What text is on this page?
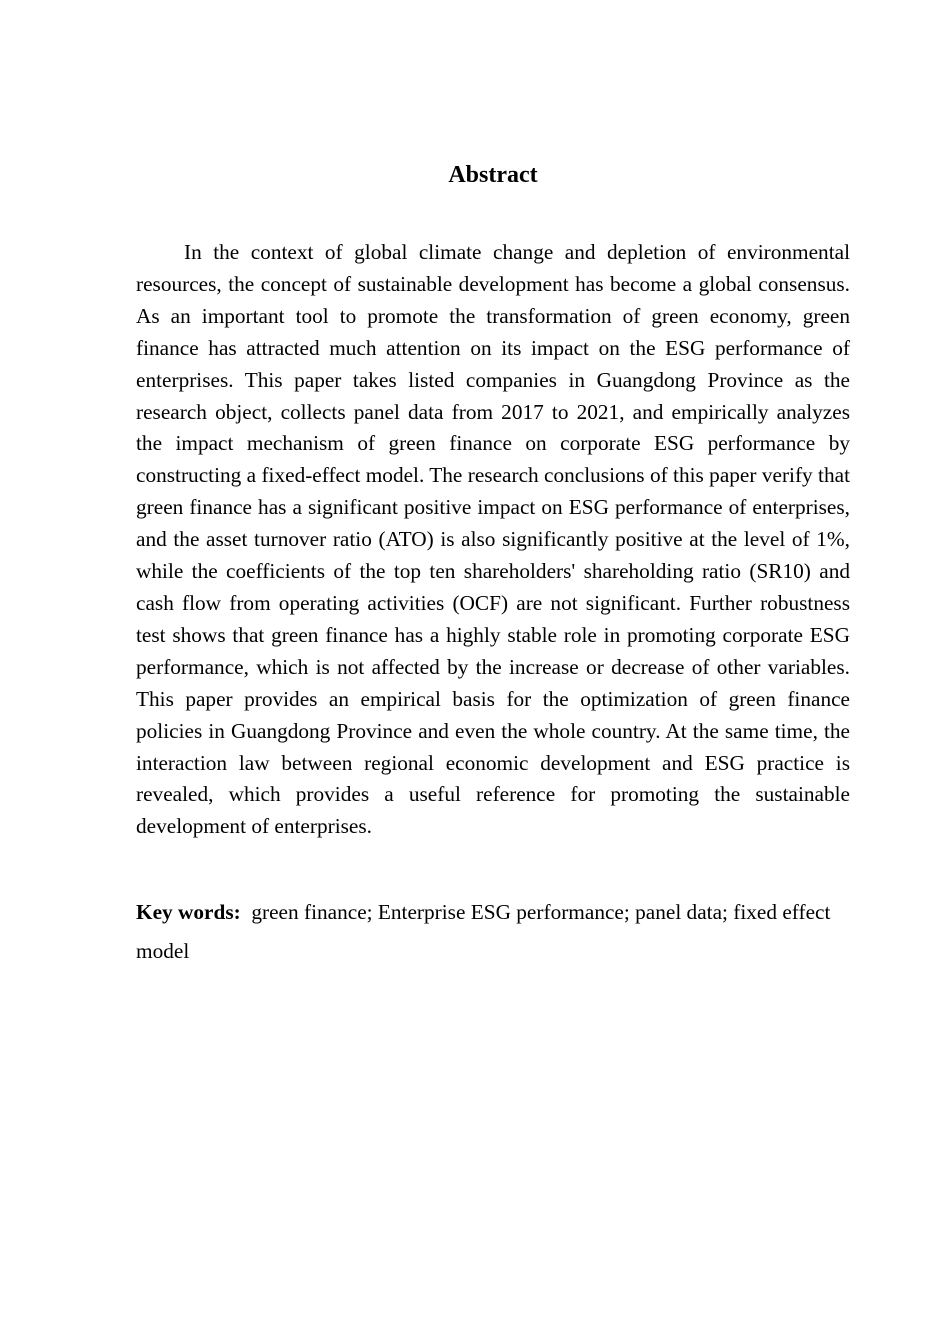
Abstract

In the context of global climate change and depletion of environmental resources, the concept of sustainable development has become a global consensus. As an important tool to promote the transformation of green economy, green finance has attracted much attention on its impact on the ESG performance of enterprises. This paper takes listed companies in Guangdong Province as the research object, collects panel data from 2017 to 2021, and empirically analyzes the impact mechanism of green finance on corporate ESG performance by constructing a fixed-effect model. The research conclusions of this paper verify that green finance has a significant positive impact on ESG performance of enterprises, and the asset turnover ratio (ATO) is also significantly positive at the level of 1%, while the coefficients of the top ten shareholders' shareholding ratio (SR10) and cash flow from operating activities (OCF) are not significant. Further robustness test shows that green finance has a highly stable role in promoting corporate ESG performance, which is not affected by the increase or decrease of other variables. This paper provides an empirical basis for the optimization of green finance policies in Guangdong Province and even the whole country. At the same time, the interaction law between regional economic development and ESG practice is revealed, which provides a useful reference for promoting the sustainable development of enterprises.

Key words: green finance; Enterprise ESG performance; panel data; fixed effect model
